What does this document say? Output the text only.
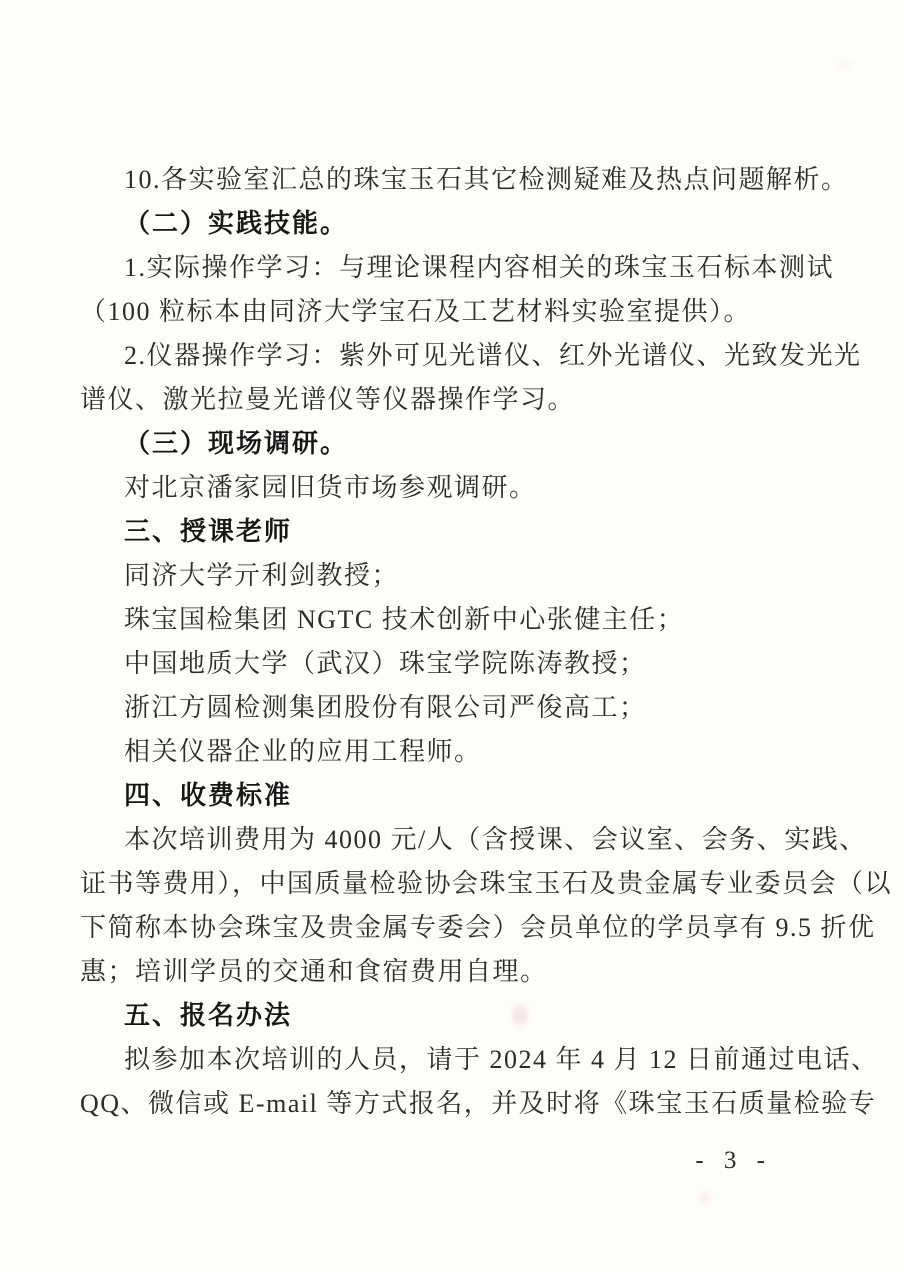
10.各实验室汇总的珠宝玉石其它检测疑难及热点问题解析。
（二）实践技能。
1.实际操作学习：与理论课程内容相关的珠宝玉石标本测试
（100 粒标本由同济大学宝石及工艺材料实验室提供）。
2.仪器操作学习：紫外可见光谱仪、红外光谱仪、光致发光光
谱仪、激光拉曼光谱仪等仪器操作学习。
（三）现场调研。
对北京潘家园旧货市场参观调研。
三、授课老师
同济大学亓利剑教授；
珠宝国检集团 NGTC 技术创新中心张健主任；
中国地质大学（武汉）珠宝学院陈涛教授；
浙江方圆检测集团股份有限公司严俊高工；
相关仪器企业的应用工程师。
四、收费标准
本次培训费用为 4000 元/人（含授课、会议室、会务、实践、
证书等费用），中国质量检验协会珠宝玉石及贵金属专业委员会（以
下简称本协会珠宝及贵金属专委会）会员单位的学员享有 9.5 折优
惠；培训学员的交通和食宿费用自理。
五、报名办法
拟参加本次培训的人员，请于 2024 年 4 月 12 日前通过电话、
QQ、微信或 E-mail 等方式报名，并及时将《珠宝玉石质量检验专
- 3 -
